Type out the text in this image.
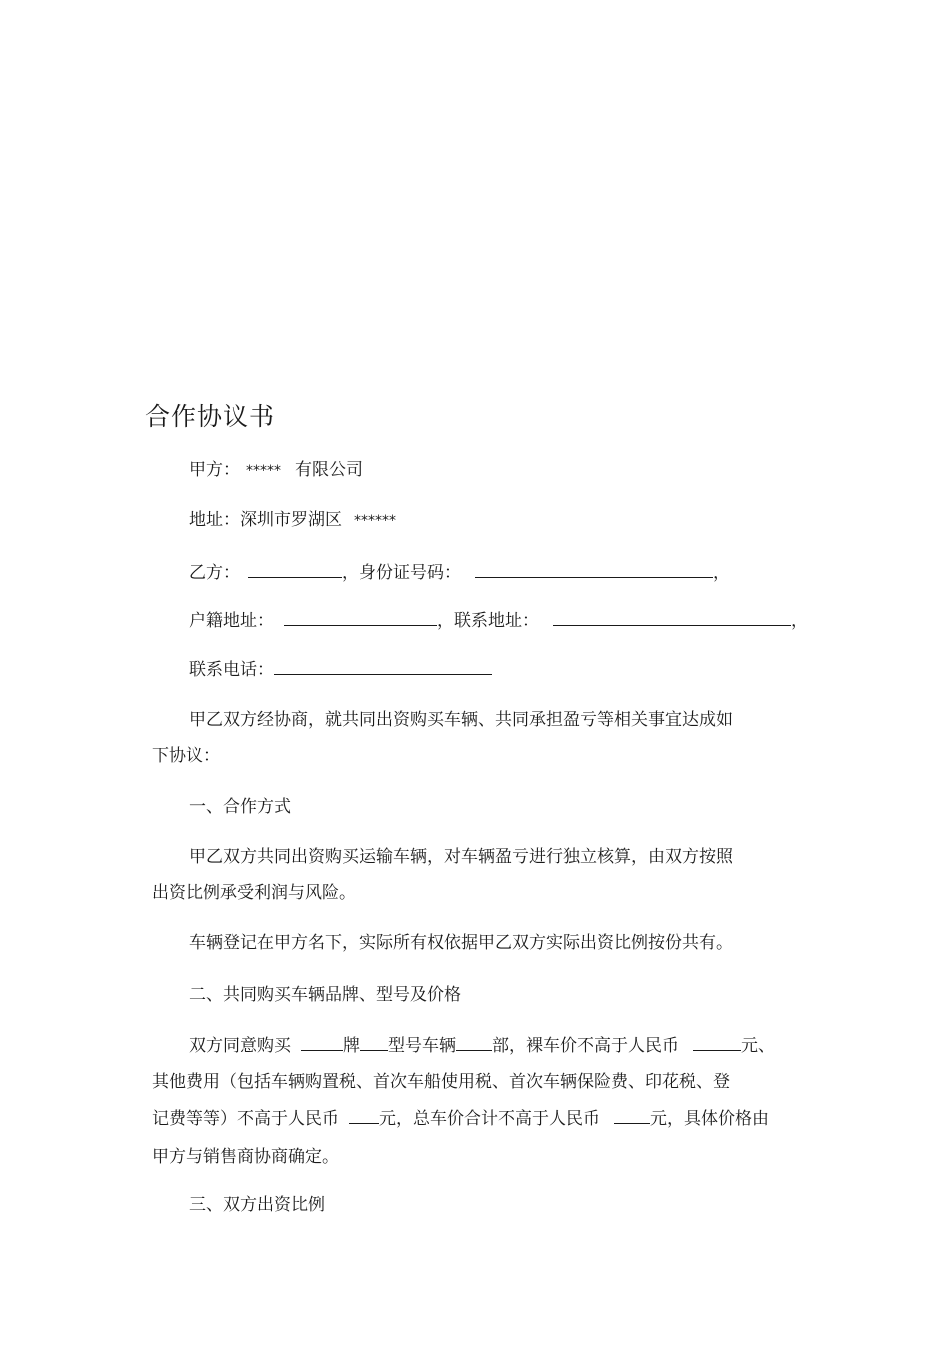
合作协议书
甲方： ***** 有限公司
地址：深圳市罗湖区 ******
乙方：	，身份证号码：	，
户籍地址：	，联系地址：	，
联系电话：
甲乙双方经协商，就共同出资购买车辆、共同承担盈亏等相关事宜达成如
下协议：
一、合作方式
甲乙双方共同出资购买运输车辆，对车辆盈亏进行独立核算，由双方按照
出资比例承受利润与风险。
车辆登记在甲方名下，实际所有权依据甲乙双方实际出资比例按份共有。
二、共同购买车辆品牌、型号及价格
双方同意购买	牌 型号车辆 部，裸车价不高于人民币	元、
其他费用（包括车辆购置税、首次车船使用税、首次车辆保险费、印花税、登
记费等等）不高于人民币 元，总车价合计不高于人民币	元，具体价格由
甲方与销售商协商确定。
三、双方出资比例
